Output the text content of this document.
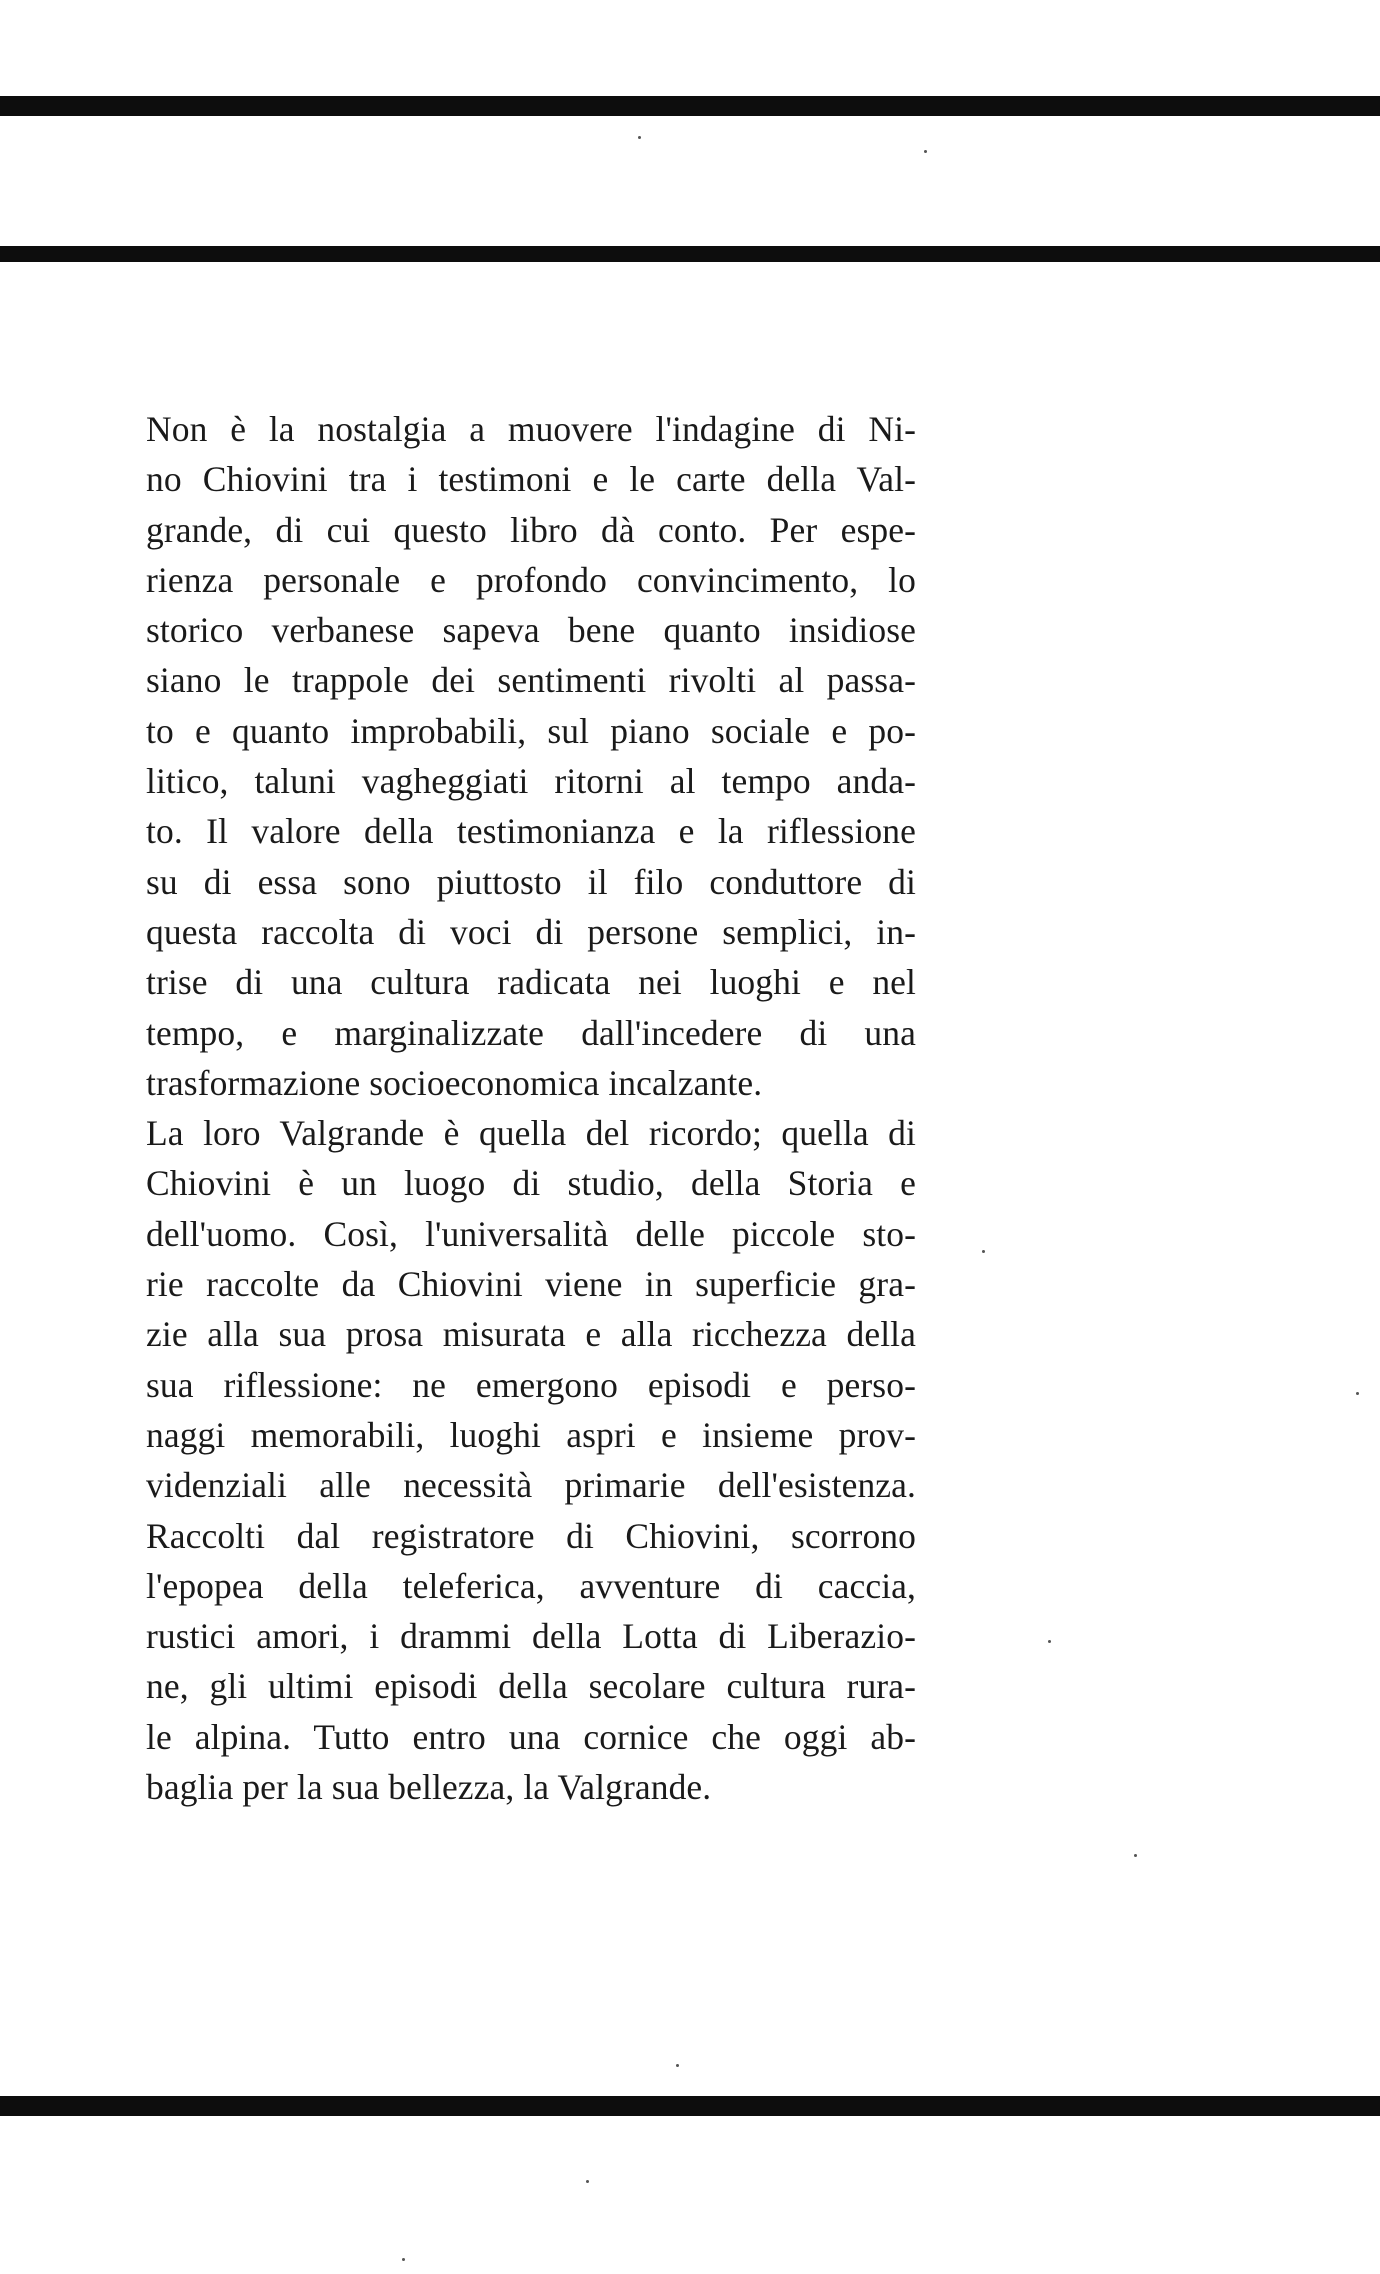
Non è la nostalgia a muovere l'indagine di Ni-
no Chiovini tra i testimoni e le carte della Val-
grande, di cui questo libro dà conto. Per espe-
rienza personale e profondo convincimento, lo
storico verbanese sapeva bene quanto insidiose
siano le trappole dei sentimenti rivolti al passa-
to e quanto improbabili, sul piano sociale e po-
litico, taluni vagheggiati ritorni al tempo anda-
to. Il valore della testimonianza e la riflessione
su di essa sono piuttosto il filo conduttore di
questa raccolta di voci di persone semplici, in-
trise di una cultura radicata nei luoghi e nel
tempo, e marginalizzate dall'incedere di una
trasformazione socioeconomica incalzante.
La loro Valgrande è quella del ricordo; quella di
Chiovini è un luogo di studio, della Storia e
dell'uomo. Così, l'universalità delle piccole sto-
rie raccolte da Chiovini viene in superficie gra-
zie alla sua prosa misurata e alla ricchezza della
sua riflessione: ne emergono episodi e perso-
naggi memorabili, luoghi aspri e insieme prov-
videnziali alle necessità primarie dell'esistenza.
Raccolti dal registratore di Chiovini, scorrono
l'epopea della teleferica, avventure di caccia,
rustici amori, i drammi della Lotta di Liberazio-
ne, gli ultimi episodi della secolare cultura rura-
le alpina. Tutto entro una cornice che oggi ab-
baglia per la sua bellezza, la Valgrande.
